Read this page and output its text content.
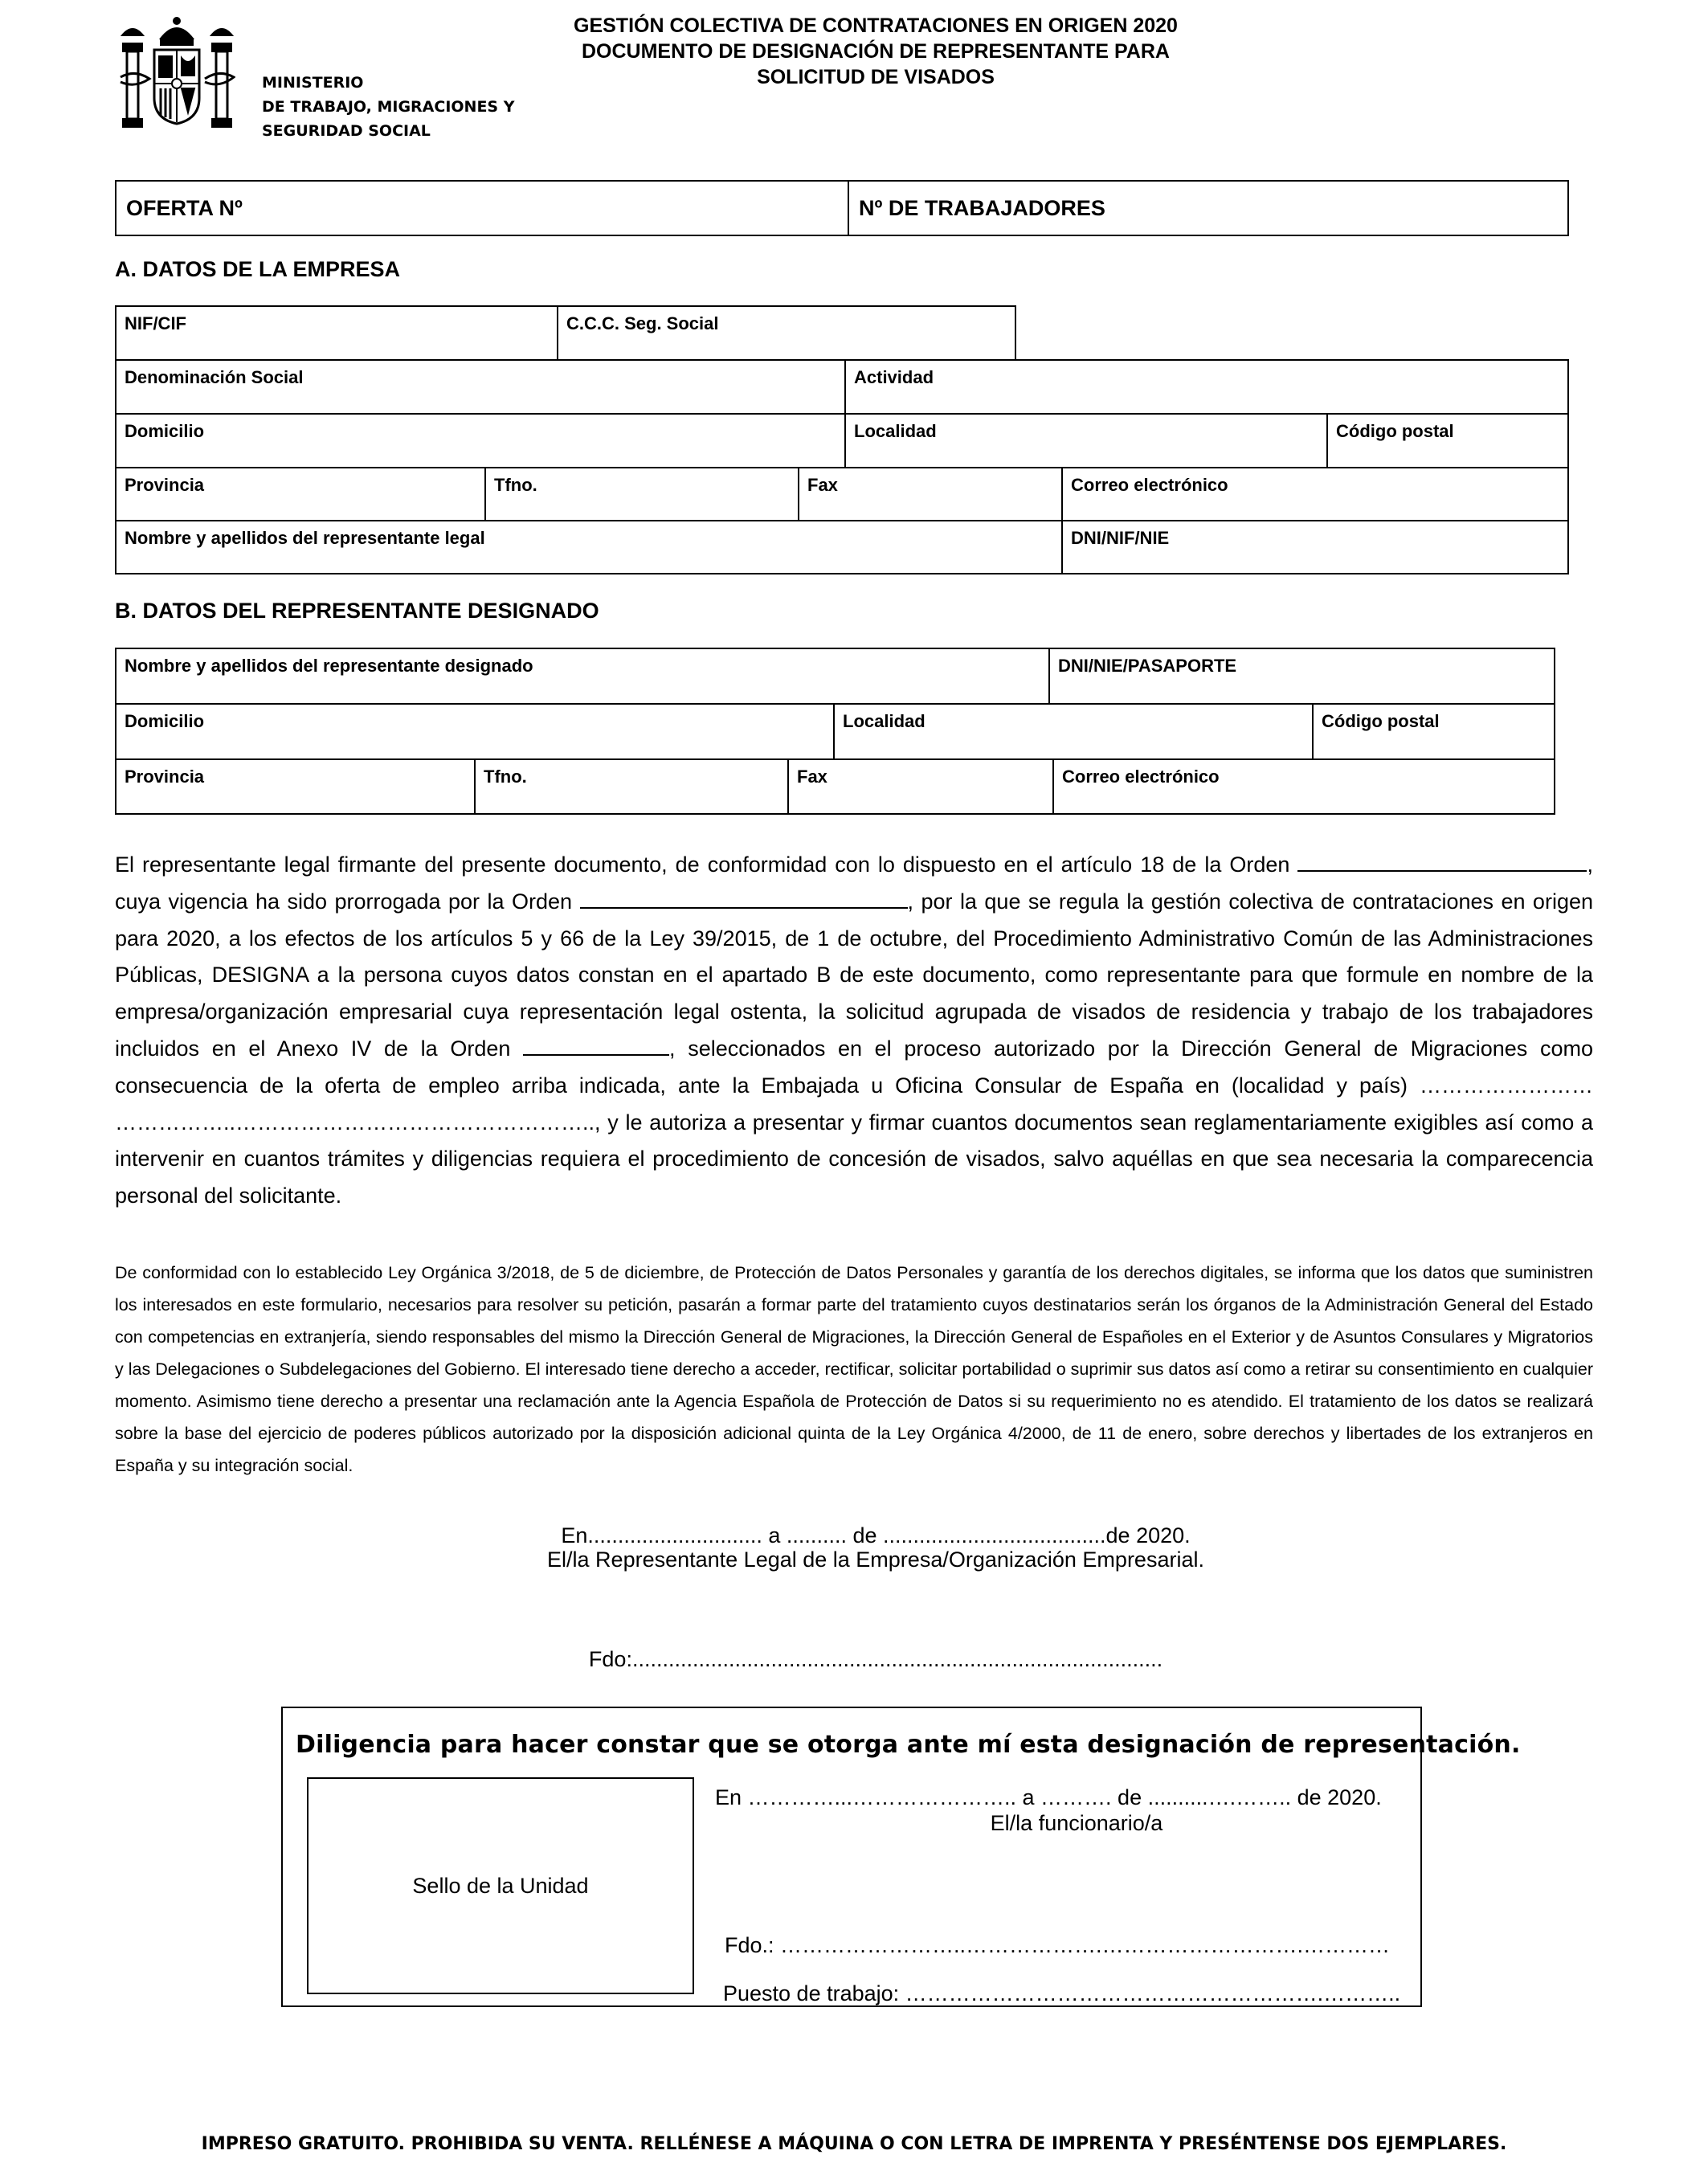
MINISTERIO
DE TRABAJO, MIGRACIONES Y
SEGURIDAD SOCIAL
GESTIÓN COLECTIVA DE CONTRATACIONES EN ORIGEN 2020
DOCUMENTO DE DESIGNACIÓN DE REPRESENTANTE PARA
SOLICITUD DE VISADOS
OFERTA Nº	Nº DE TRABAJADORES
A. DATOS DE LA EMPRESA
NIF/CIF	C.C.C. Seg. Social
Denominación Social	Actividad
Domicilio	Localidad	Código postal
Provincia	Tfno.	Fax	Correo electrónico
Nombre y apellidos del representante legal	DNI/NIF/NIE
B. DATOS DEL REPRESENTANTE DESIGNADO
Nombre y apellidos del representante designado	DNI/NIE/PASAPORTE
Domicilio	Localidad	Código postal
Provincia	Tfno.	Fax	Correo electrónico
El representante legal firmante del presente documento, de conformidad con lo dispuesto en el artículo 18 de la Orden	, cuya vigencia ha sido prorrogada por la Orden	, por la que se regula la gestión colectiva de contrataciones en origen para 2020, a los efectos de los artículos 5 y 66 de la Ley 39/2015, de 1 de octubre, del Procedimiento Administrativo Común de las Administraciones Públicas, DESIGNA a la persona cuyos datos constan en el apartado B de este documento, como representante para que formule en nombre de la empresa/organización empresarial cuya representación legal ostenta, la solicitud agrupada de visados de residencia y trabajo de los trabajadores incluidos en el Anexo IV de la Orden	, seleccionados en el proceso autorizado por la Dirección General de Migraciones como consecuencia de la oferta de empleo arriba indicada, ante la Embajada u Oficina Consular de España en (localidad y país) …………………… ……………..………………………………………….., y le autoriza a presentar y firmar cuantos documentos sean reglamentariamente exigibles así como a intervenir en cuantos trámites y diligencias requiera el procedimiento de concesión de visados, salvo aquéllas en que sea necesaria la comparecencia personal del solicitante.
De conformidad con lo establecido Ley Orgánica 3/2018, de 5 de diciembre, de Protección de Datos Personales y garantía de los derechos digitales, se informa que los datos que suministren los interesados en este formulario, necesarios para resolver su petición, pasarán a formar parte del tratamiento cuyos destinatarios serán los órganos de la Administración General del Estado con competencias en extranjería, siendo responsables del mismo la Dirección General de Migraciones, la Dirección General de Españoles en el Exterior y de Asuntos Consulares y Migratorios y las Delegaciones o Subdelegaciones del Gobierno. El interesado tiene derecho a acceder, rectificar, solicitar portabilidad o suprimir sus datos así como a retirar su consentimiento en cualquier momento. Asimismo tiene derecho a presentar una reclamación ante la Agencia Española de Protección de Datos si su requerimiento no es atendido. El tratamiento de los datos se realizará sobre la base del ejercicio de poderes públicos autorizado por la disposición adicional quinta de la Ley Orgánica 4/2000, de 11 de enero, sobre derechos y libertades de los extranjeros en España y su integración social.
En............................. a .......... de .....................................de 2020.
El/la Representante Legal de la Empresa/Organización Empresarial.
Fdo:........................................................................................
Diligencia para hacer constar que se otorga ante mí esta designación de representación.
Sello de la Unidad
En …………...………………….. a ………. de ..........….…….. de 2020.
El/la funcionario/a
Fdo.: ……………………..……………….……………………….…………
Puesto de trabajo: ………………………………………………….………..
IMPRESO GRATUITO. PROHIBIDA SU VENTA. RELLÉNESE A MÁQUINA O CON LETRA DE IMPRENTA Y PRESÉNTENSE DOS EJEMPLARES.
